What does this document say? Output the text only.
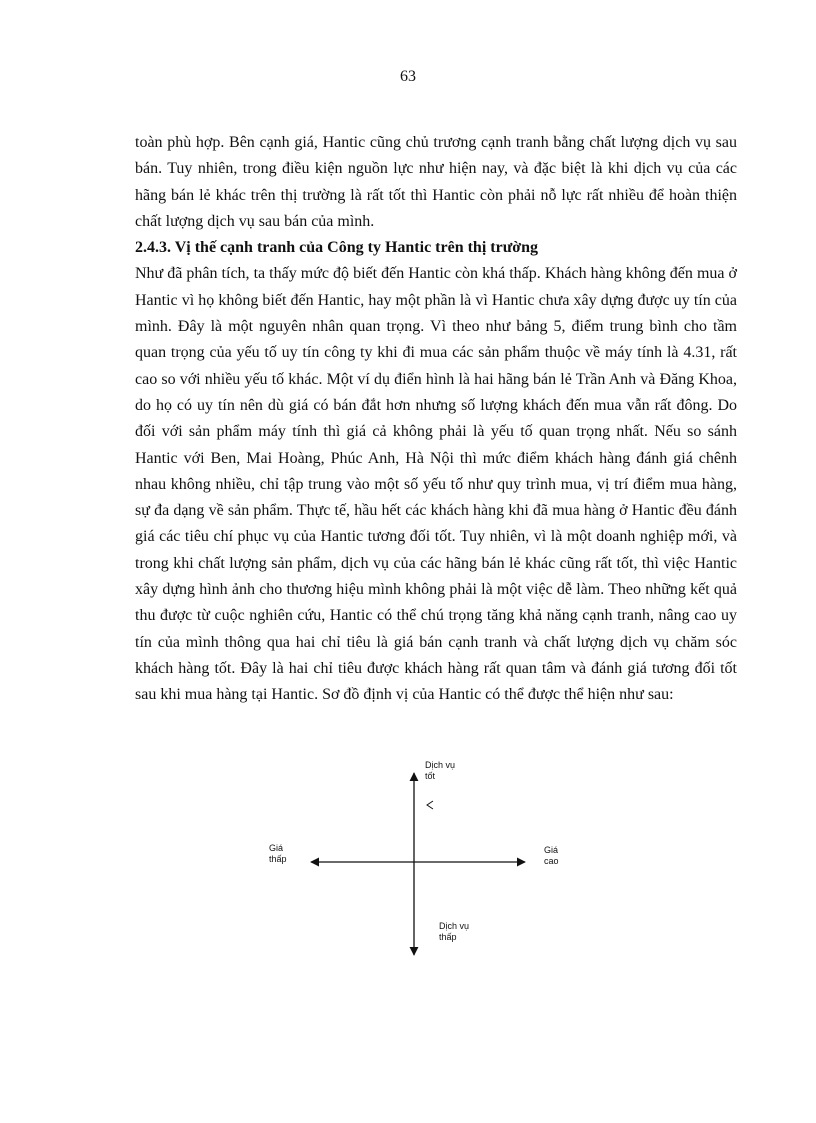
63

toàn phù hợp. Bên cạnh giá, Hantic cũng chủ trương cạnh tranh bằng chất lượng dịch vụ sau bán. Tuy nhiên, trong điều kiện nguồn lực như hiện nay, và đặc biệt là khi dịch vụ của các hãng bán lẻ khác trên thị trường là rất tốt thì Hantic còn phải nỗ lực rất nhiều để hoàn thiện chất lượng dịch vụ sau bán của mình.

2.4.3. Vị thế cạnh tranh của Công ty Hantic trên thị trường

Như đã phân tích, ta thấy mức độ biết đến Hantic còn khá thấp. Khách hàng không đến mua ở Hantic vì họ không biết đến Hantic, hay một phần là vì Hantic chưa xây dựng được uy tín của mình. Đây là một nguyên nhân quan trọng. Vì theo như bảng 5, điểm trung bình cho tầm quan trọng của yếu tố uy tín công ty khi đi mua các sản phẩm thuộc về máy tính là 4.31, rất cao so với nhiều yếu tố khác. Một ví dụ điển hình là hai hãng bán lẻ Trần Anh và Đăng Khoa, do họ có uy tín nên dù giá có bán đắt hơn nhưng số lượng khách đến mua vẫn rất đông. Do đối với sản phẩm máy tính thì giá cả không phải là yếu tố quan trọng nhất. Nếu so sánh Hantic với Ben, Mai Hoàng, Phúc Anh, Hà Nội thì mức điểm khách hàng đánh giá chênh nhau không nhiều, chỉ tập trung vào một số yếu tố như quy trình mua, vị trí điểm mua hàng, sự đa dạng về sản phẩm. Thực tế, hầu hết các khách hàng khi đã mua hàng ở Hantic đều đánh giá các tiêu chí phục vụ của Hantic tương đối tốt. Tuy nhiên, vì là một doanh nghiệp mới, và trong khi chất lượng sản phẩm, dịch vụ của các hãng bán lẻ khác cũng rất tốt, thì việc Hantic xây dựng hình ảnh cho thương hiệu mình không phải là một việc dễ làm. Theo những kết quả thu được từ cuộc nghiên cứu, Hantic có thể chú trọng tăng khả năng cạnh tranh, nâng cao uy tín của mình thông qua hai chỉ tiêu là giá bán cạnh tranh và chất lượng dịch vụ chăm sóc khách hàng tốt. Đây là hai chỉ tiêu được khách hàng rất quan tâm và đánh giá tương đối tốt sau khi mua hàng tại Hantic. Sơ đồ định vị của Hantic có thể được thể hiện như sau:

Dịch vụ
tốt
Dịch vụ
thấp
Giá
thấp
Giá
cao
